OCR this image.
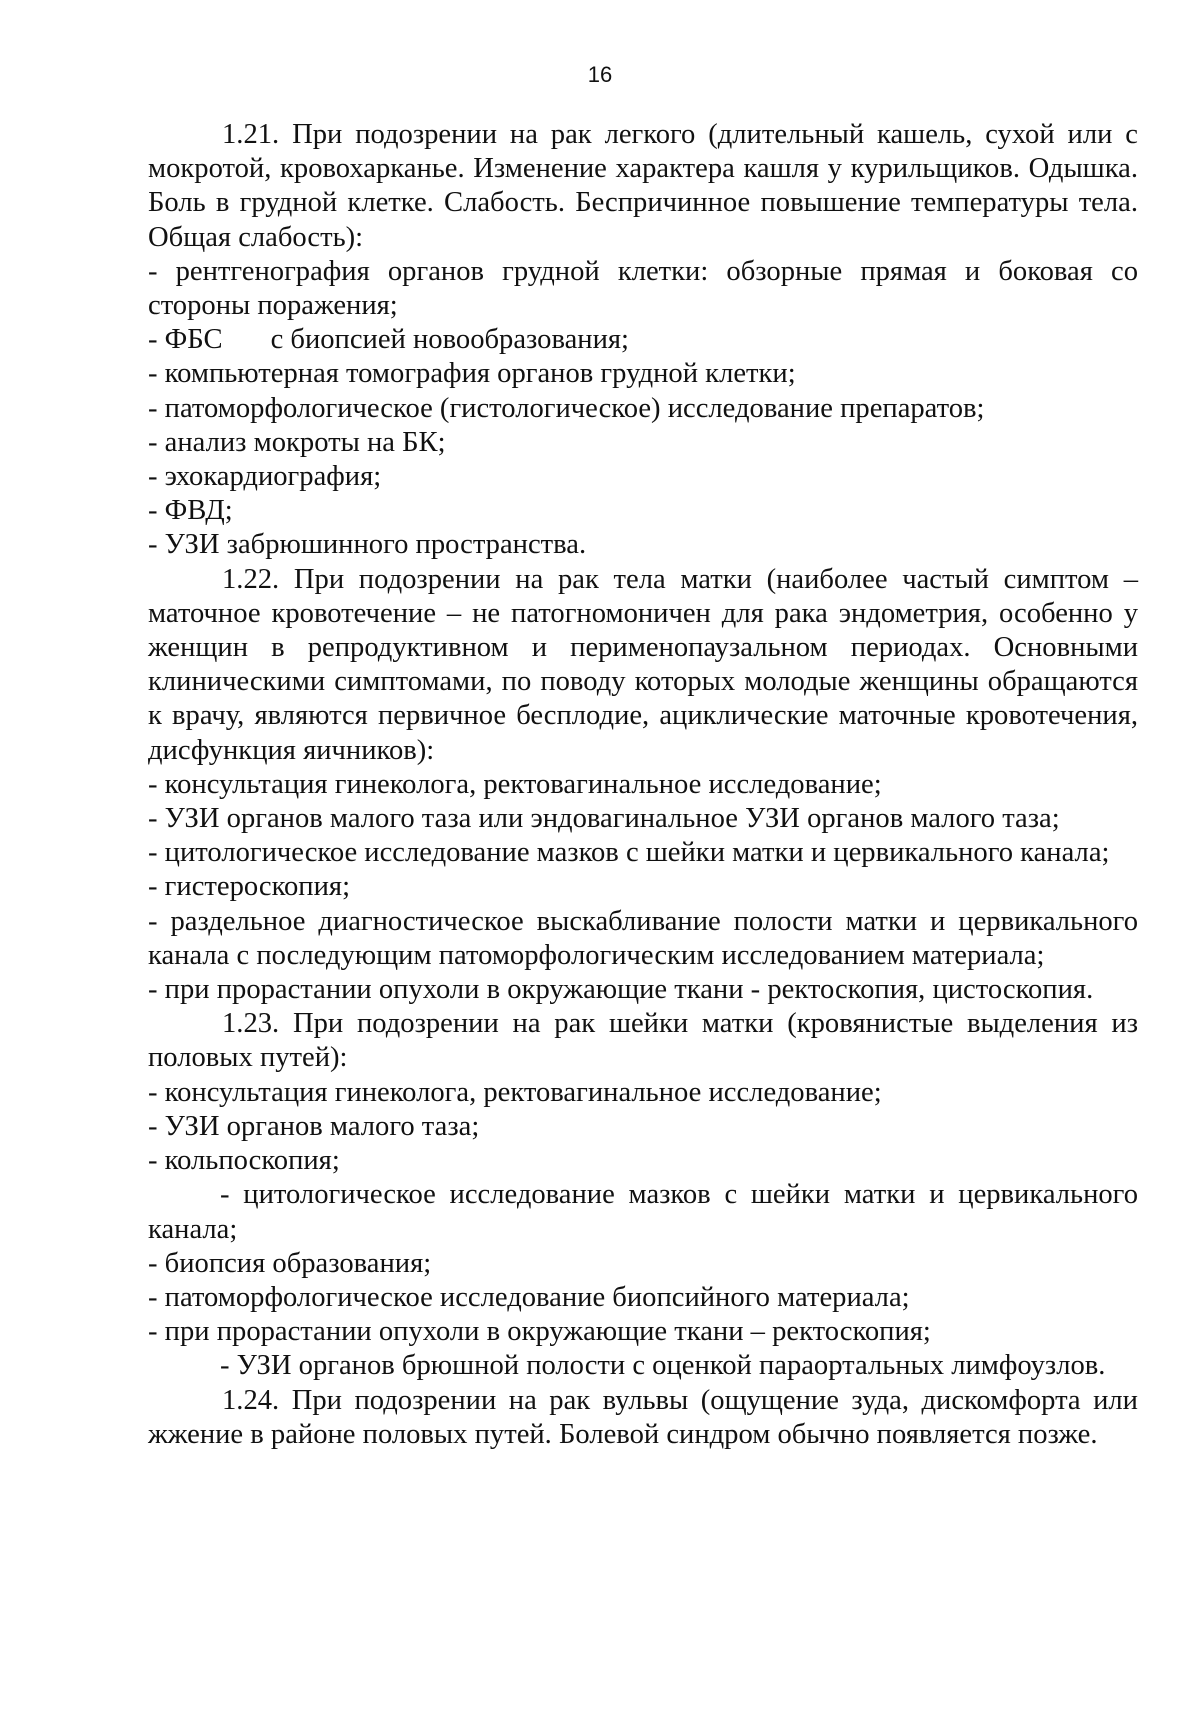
16

1.21. При подозрении на рак легкого (длительный кашель, сухой или с мокротой, кровохарканье. Изменение характера кашля у курильщиков. Одышка. Боль в грудной клетке. Слабость. Беспричинное повышение температуры тела. Общая слабость):

- рентгенография органов грудной клетки: обзорные прямая и боковая со стороны поражения;

- ФБС с биопсией новообразования;

- компьютерная томография органов грудной клетки;

- патоморфологическое (гистологическое) исследование препаратов;

- анализ мокроты на БК;

- эхокардиография;

- ФВД;

- УЗИ забрюшинного пространства.

1.22. При подозрении на рак тела матки (наиболее частый симптом – маточное кровотечение – не патогномоничен для рака эндометрия, особенно у женщин в репродуктивном и перименопаузальном периодах. Основными клиническими симптомами, по поводу которых молодые женщины обращаются к врачу, являются первичное бесплодие, ациклические маточные кровотечения, дисфункция яичников):

- консультация гинеколога, ректовагинальное исследование;

- УЗИ органов малого таза или эндовагинальное УЗИ органов малого таза;

- цитологическое исследование мазков с шейки матки и цервикального канала;

- гистероскопия;

- раздельное диагностическое выскабливание полости матки и цервикального канала с последующим патоморфологическим исследованием материала;

- при прорастании опухоли в окружающие ткани - ректоскопия, цистоскопия.

1.23. При подозрении на рак шейки матки (кровянистые выделения из половых путей):

- консультация гинеколога, ректовагинальное исследование;

- УЗИ органов малого таза;

- кольпоскопия;

- цитологическое исследование мазков с шейки матки и цервикального канала;

- биопсия образования;

- патоморфологическое исследование биопсийного материала;

- при прорастании опухоли в окружающие ткани – ректоскопия;

- УЗИ органов брюшной полости с оценкой параортальных лимфоузлов.

1.24. При подозрении на рак вульвы (ощущение зуда, дискомфорта или жжение в районе половых путей. Болевой синдром обычно появляется позже.
